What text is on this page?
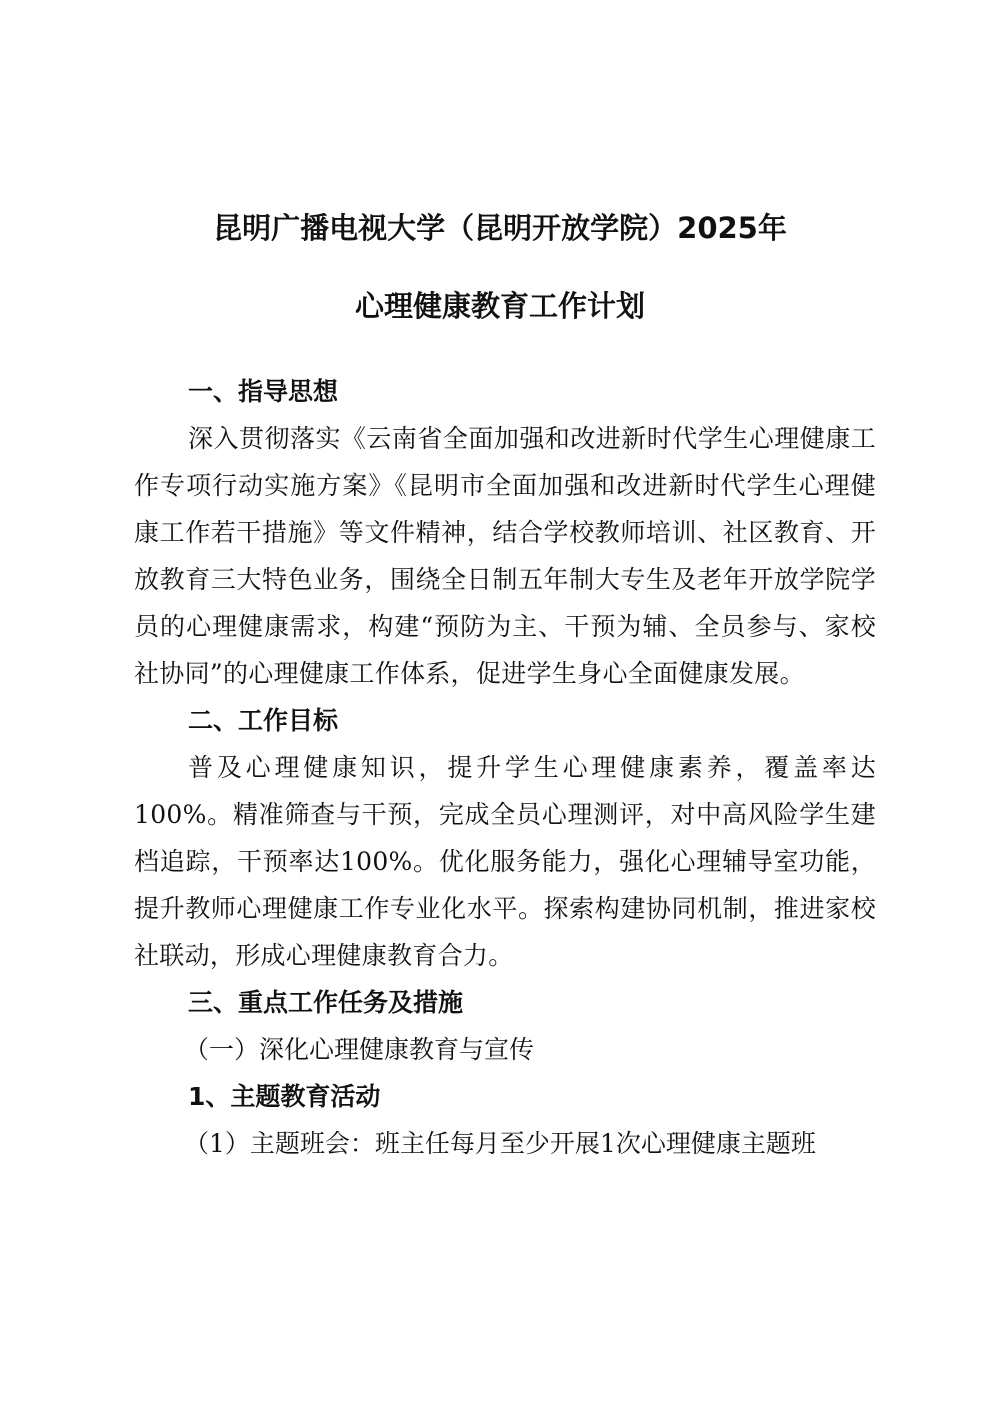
昆明广播电视大学（昆明开放学院）2025年
心理健康教育工作计划
一、指导思想

深入贯彻落实《云南省全面加强和改进新时代学生心理健康工作专项行动实施方案》《昆明市全面加强和改进新时代学生心理健康工作若干措施》等文件精神，结合学校教师培训、社区教育、开放教育三大特色业务，围绕全日制五年制大专生及老年开放学院学员的心理健康需求，构建“预防为主、干预为辅、全员参与、家校社协同”的心理健康工作体系，促进学生身心全面健康发展。

二、工作目标

普及心理健康知识，提升学生心理健康素养，覆盖率达100%。精准筛查与干预，完成全员心理测评，对中高风险学生建档追踪，干预率达100%。优化服务能力，强化心理辅导室功能，提升教师心理健康工作专业化水平。探索构建协同机制，推进家校社联动，形成心理健康教育合力。

三、重点工作任务及措施

（一）深化心理健康教育与宣传

1、主题教育活动

（1）主题班会：班主任每月至少开展1次心理健康主题班
